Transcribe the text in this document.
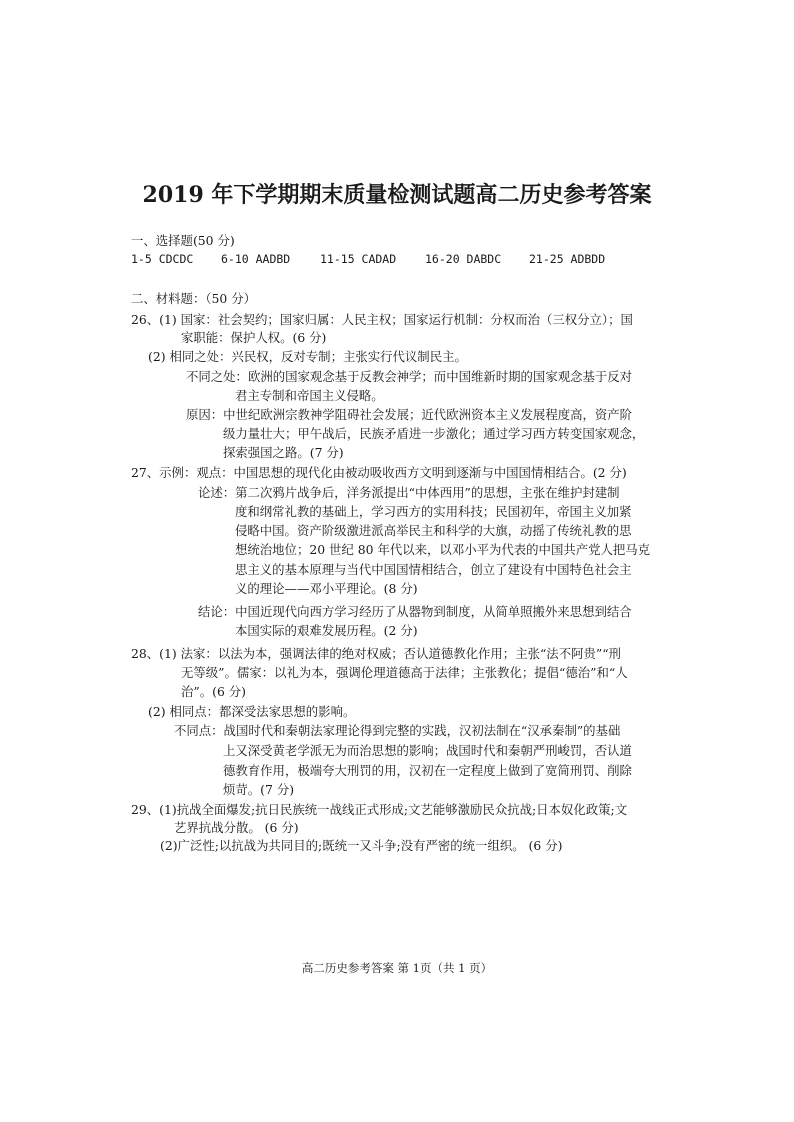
2019 年下学期期末质量检测试题高二历史参考答案
一、选择题(50 分)
1-5 CDCDC 6-10 AADBD	11-15 CADAD	16-20 DABDC 21-25 ADBDD
二、材料题：（50 分）
26、(1) 国家：社会契约；国家归属：人民主权；国家运行机制：分权而治（三权分立）；国
家职能：保护人权。(6 分)
(2) 相同之处：兴民权，反对专制；主张实行代议制民主。
不同之处：欧洲的国家观念基于反教会神学；而中国维新时期的国家观念基于反对
君主专制和帝国主义侵略。
原因：中世纪欧洲宗教神学阻碍社会发展；近代欧洲资本主义发展程度高，资产阶
级力量壮大；甲午战后，民族矛盾进一步激化；通过学习西方转变国家观念，
探索强国之路。(7 分)
27、示例：观点：中国思想的现代化由被动吸收西方文明到逐渐与中国国情相结合。(2 分)
论述：第二次鸦片战争后，洋务派提出“中体西用”的思想，主张在维护封建制
度和纲常礼教的基础上，学习西方的实用科技；民国初年，帝国主义加紧
侵略中国。资产阶级激进派高举民主和科学的大旗，动摇了传统礼教的思
想统治地位；20 世纪 80 年代以来，以邓小平为代表的中国共产党人把马克
思主义的基本原理与当代中国国情相结合，创立了建设有中国特色社会主
义的理论——邓小平理论。(8 分)
结论：中国近现代向西方学习经历了从器物到制度，从简单照搬外来思想到结合
本国实际的艰难发展历程。(2 分)
28、(1) 法家：以法为本，强调法律的绝对权威；否认道德教化作用；主张“法不阿贵”“刑
无等级”。儒家：以礼为本，强调伦理道德高于法律；主张教化；提倡“德治”和“人
治”。(6 分)
(2) 相同点：都深受法家思想的影响。
不同点：战国时代和秦朝法家理论得到完整的实践，汉初法制在“汉承秦制”的基础
上又深受黄老学派无为而治思想的影响；战国时代和秦朝严刑峻罚，否认道
德教育作用，极端夸大刑罚的用，汉初在一定程度上做到了宽简刑罚、削除
烦苛。(7 分)
29、(1)抗战全面爆发;抗日民族统一战线正式形成;文艺能够激励民众抗战;日本奴化政策;文
艺界抗战分散。 (6 分)
(2)广泛性;以抗战为共同目的;既统一又斗争;没有严密的统一组织。 (6 分)
高二历史参考答案 第 1页（共 1 页）
